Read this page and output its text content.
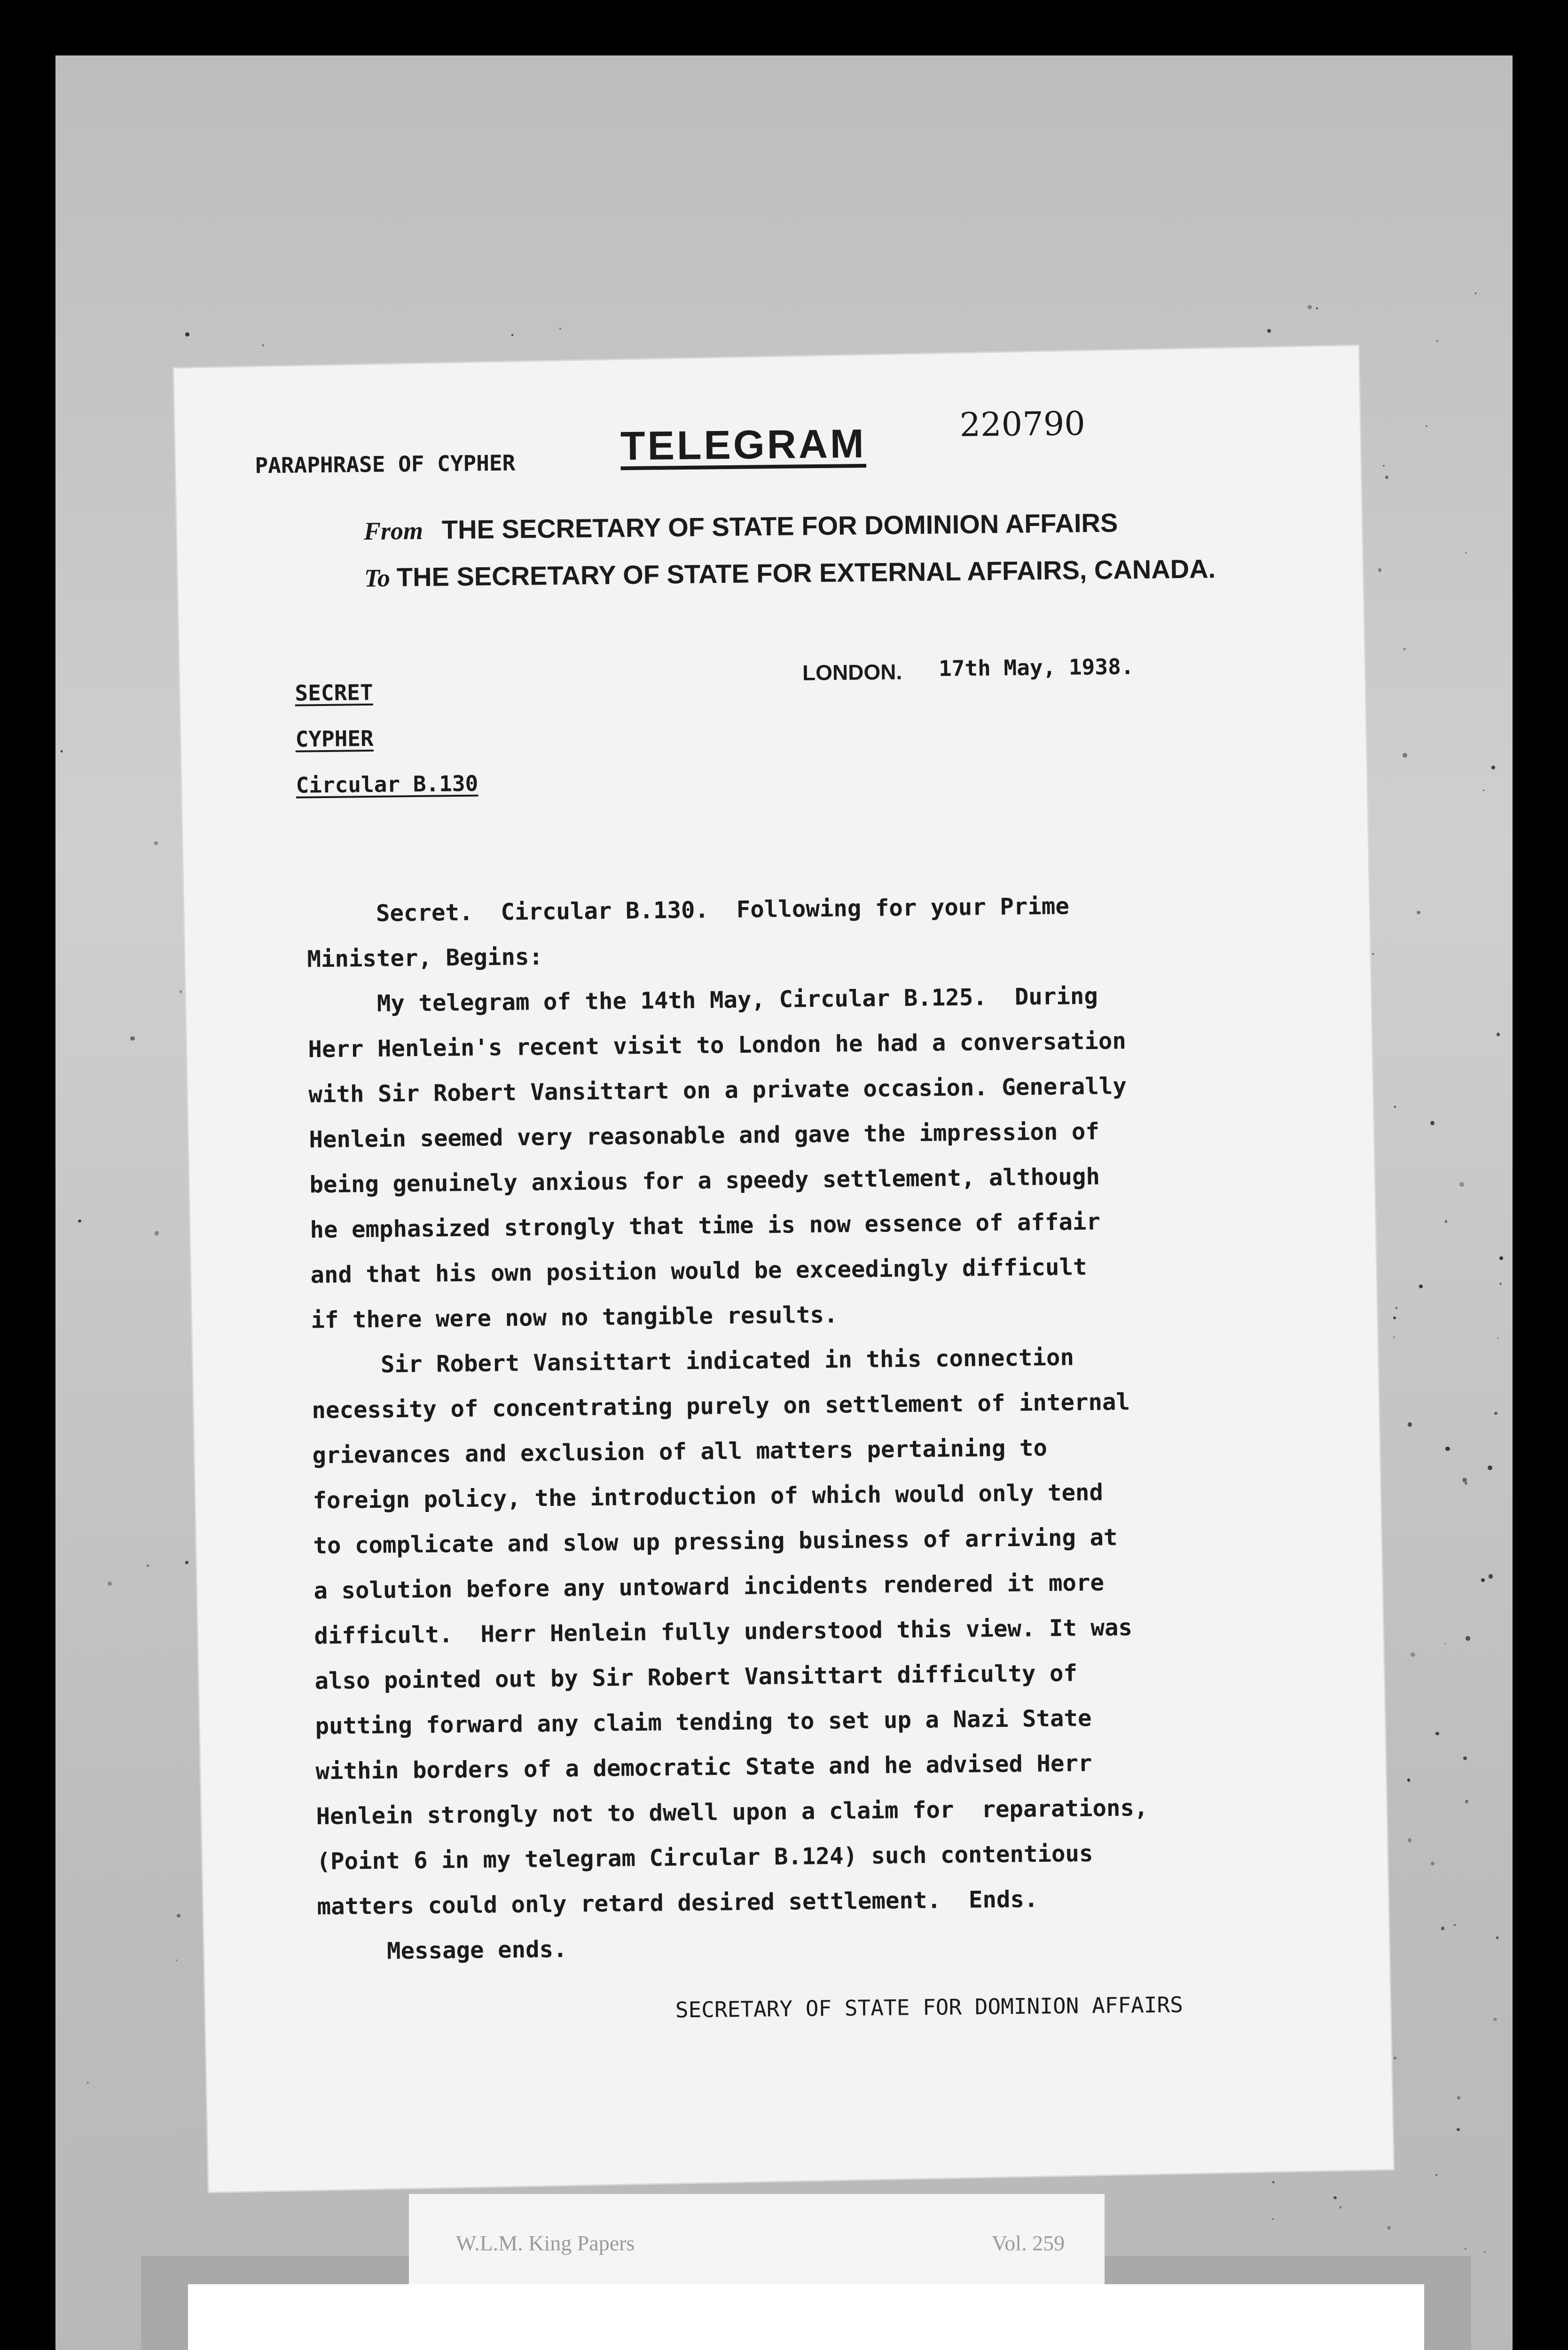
PARAPHRASE OF CYPHER	TELEGRAM	220790
From THE SECRETARY OF STATE FOR DOMINION AFFAIRS
To THE SECRETARY OF STATE FOR EXTERNAL AFFAIRS, CANADA.
LONDON. 17th May, 1938.
SECRET
CYPHER
Circular B.130
Secret.  Circular B.130.  Following for your Prime
Minister, Begins:
My telegram of the 14th May, Circular B.125.  During
Herr Henlein's recent visit to London he had a conversation
with Sir Robert Vansittart on a private occasion. Generally
Henlein seemed very reasonable and gave the impression of
being genuinely anxious for a speedy settlement, although
he emphasized strongly that time is now essence of affair
and that his own position would be exceedingly difficult
if there were now no tangible results.
Sir Robert Vansittart indicated in this connection
necessity of concentrating purely on settlement of internal
grievances and exclusion of all matters pertaining to
foreign policy, the introduction of which would only tend
to complicate and slow up pressing business of arriving at
a solution before any untoward incidents rendered it more
difficult.  Herr Henlein fully understood this view. It was
also pointed out by Sir Robert Vansittart difficulty of
putting forward any claim tending to set up a Nazi State
within borders of a democratic State and he advised Herr
Henlein strongly not to dwell upon a claim for  reparations,
(Point 6 in my telegram Circular B.124) such contentious
matters could only retard desired settlement.  Ends.
Message ends.
SECRETARY OF STATE FOR DOMINION AFFAIRS
W.L.M. King Papers	Vol. 259
